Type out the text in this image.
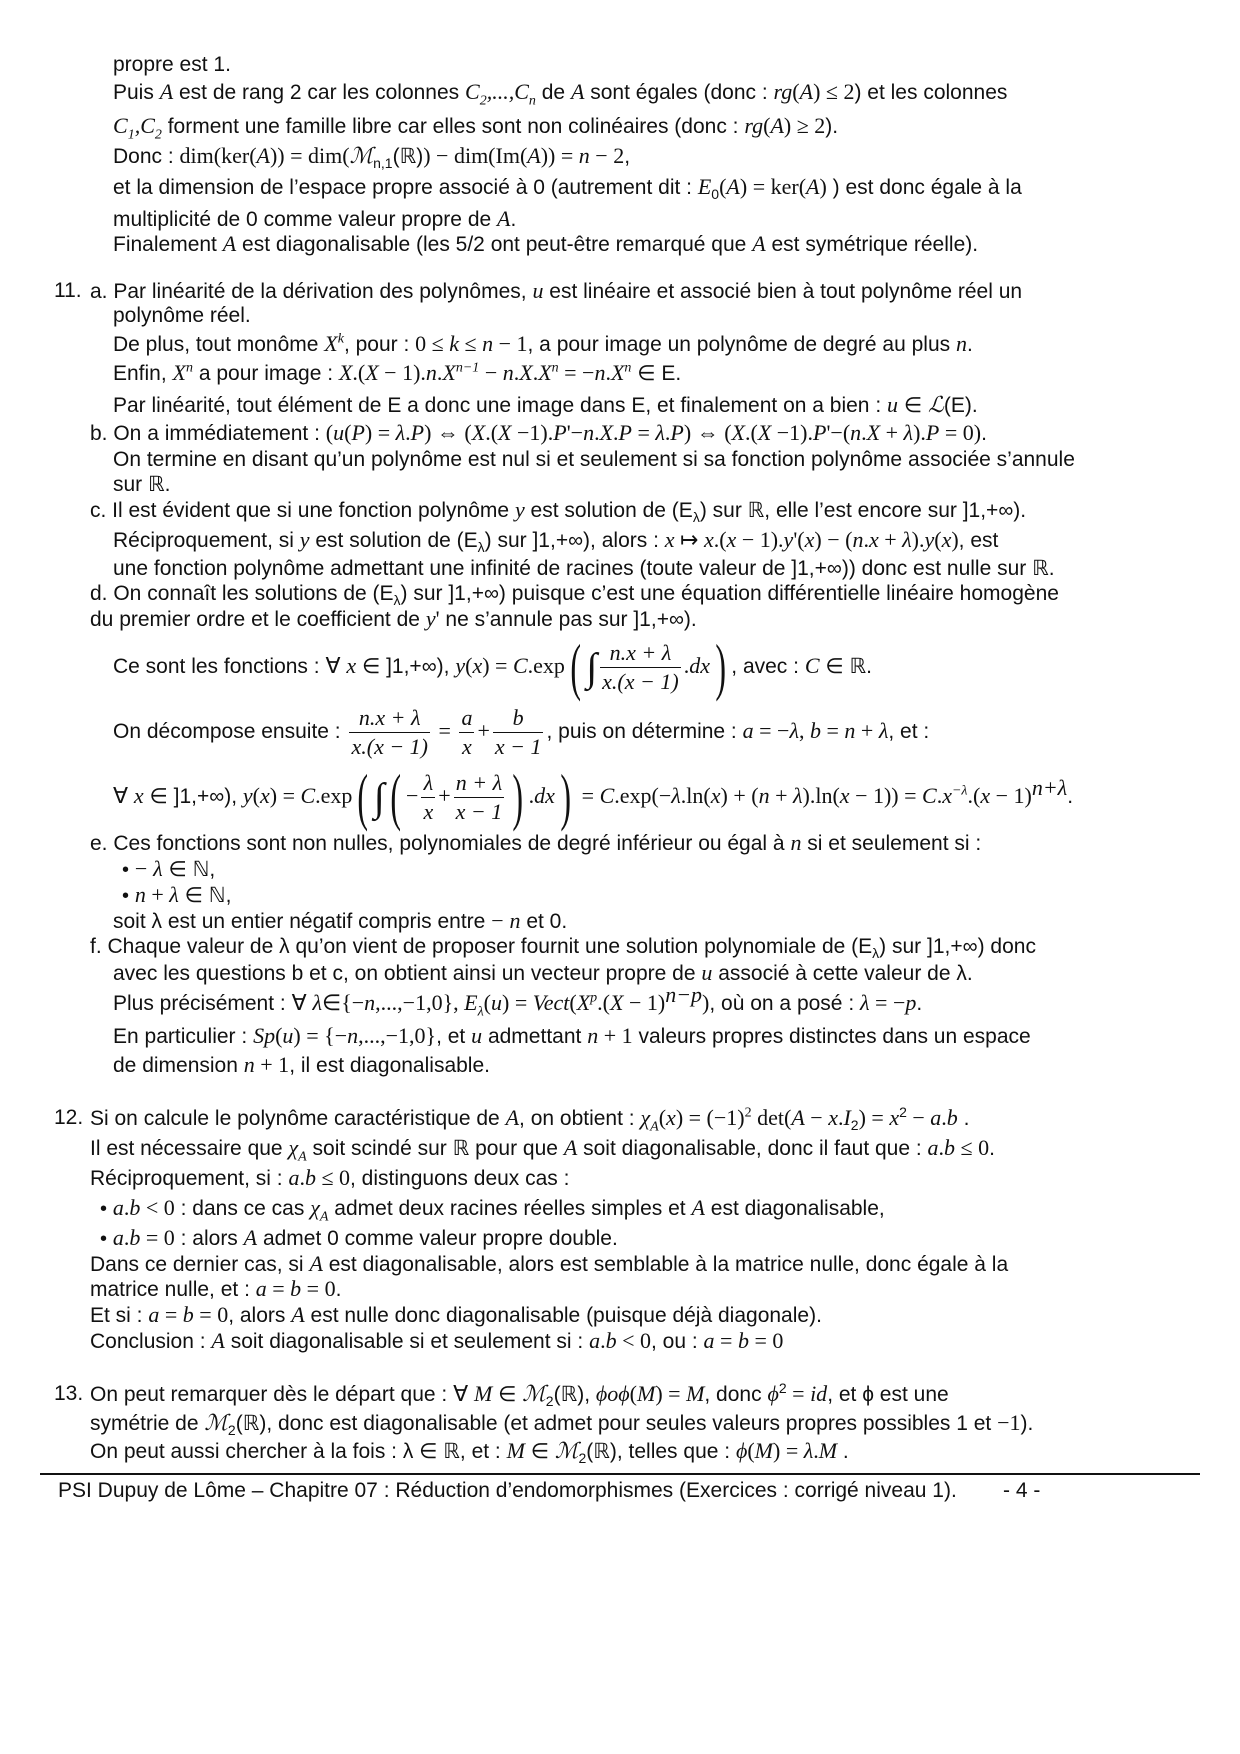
propre est 1.
Puis A est de rang 2 car les colonnes $C_2,...,C_n$ de A sont égales (donc : rg(A) ≤ 2) et les colonnes
$C_1,C_2$ forment une famille libre car elles sont non colinéaires (donc : rg(A) ≥ 2).
Donc : dim(ker(A)) = dim(ℳ$_{n,1}$(ℝ)) − dim(Im(A)) = n − 2,
et la dimension de l’espace propre associé à 0 (autrement dit : $E_0(A) = ker(A)$ ) est donc égale à la
multiplicité de 0 comme valeur propre de A.
Finalement A est diagonalisable (les 5/2 ont peut-être remarqué que A est symétrique réelle).
11. a. Par linéarité de la dérivation des polynômes, u est linéaire et associé bien à tout polynôme réel un
polynôme réel.
De plus, tout monôme $X^k$, pour : 0 ≤ k ≤ n − 1, a pour image un polynôme de degré au plus n.
Enfin, $X^n$ a pour image : $X.(X - 1).n.X^{n-1} - n.X.X^n = -n.X^n$ ∈ E.
Par linéarité, tout élément de E a donc une image dans E, et finalement on a bien : u ∈ ℒ(E).
b. On a immédiatement : (u(P) = λ.P) ⇔ (X.(X −1).P'−n.X.P = λ.P) ⇔ (X.(X −1).P'−(n.X + λ).P = 0).
On termine en disant qu’un polynôme est nul si et seulement si sa fonction polynôme associée s’annule
sur ℝ.
c. Il est évident que si une fonction polynôme y est solution de $(E_\lambda)$ sur ℝ, elle l’est encore sur ]1,+∞).
Réciproquement, si y est solution de $(E_\lambda)$ sur ]1,+∞), alors : x ↦ x.(x − 1).y'(x) − (n.x + λ).y(x), est
une fonction polynôme admettant une infinité de racines (toute valeur de ]1,+∞)) donc est nulle sur ℝ.
d. On connaît les solutions de $(E_\lambda)$ sur ]1,+∞) puisque c’est une équation différentielle linéaire homogène
du premier ordre et le coefficient de y' ne s’annule pas sur ]1,+∞).
Ce sont les fonctions : ∀ x ∈ ]1,+∞), y(x) = C.exp( ∫ $\frac{n.x + \lambda}{x.(x - 1)} .dx$) , avec : C ∈ ℝ.
On décompose ensuite : $\frac{n.x + \lambda}{x.(x - 1)} = \frac{a}{x} + \frac{b}{x - 1}$ , puis on détermine : a = −λ, b = n + λ, et :
∀ x ∈ ]1,+∞), y(x) = C.exp( ∫( − $\frac{\lambda}{x} + \frac{n + \lambda}{x - 1}$ ) $.dx) = C.\exp(-\lambda.\ln(x) + (n + \lambda).\ln(x - 1)) = C.x^{-\lambda}.(x - 1)^{n+\lambda}$.
e. Ces fonctions sont non nulles, polynomiales de degré inférieur ou égal à n si et seulement si :
• − λ ∈ ℕ,
• n + λ ∈ ℕ,
soit λ est un entier négatif compris entre − n et 0.
f. Chaque valeur de λ qu’on vient de proposer fournit une solution polynomiale de $(E_\lambda)$ sur ]1,+∞) donc
avec les questions b et c, on obtient ainsi un vecteur propre de u associé à cette valeur de λ.
Plus précisément : ∀ λ∈{−n,...,−1,0}, $E_\lambda(u)$ = $Vect(X^p.(X - 1)^{n-p})$, où on a posé : λ = −p.
En particulier : Sp(u) = {−n,...,−1,0}, et u admettant n + 1 valeurs propres distinctes dans un espace
de dimension n + 1, il est diagonalisable.
12. Si on calcule le polynôme caractéristique de A, on obtient : $\chi_A(x) = (-1)^2$ $\det(A - x.I_2) = x^2 - a.b$ .
Il est nécessaire que $\chi_A$ soit scindé sur ℝ pour que A soit diagonalisable, donc il faut que : a.b ≤ 0.
Réciproquement, si : a.b ≤ 0, distinguons deux cas :
• a.b < 0 : dans ce cas $\chi_A$ admet deux racines réelles simples et A est diagonalisable,
• a.b = 0 : alors A admet 0 comme valeur propre double.
Dans ce dernier cas, si A est diagonalisable, alors est semblable à la matrice nulle, donc égale à la
matrice nulle, et : a = b = 0.
Et si : a = b = 0, alors A est nulle donc diagonalisable (puisque déjà diagonale).
Conclusion : A soit diagonalisable si et seulement si : a.b < 0, ou : a = b = 0
13. On peut remarquer dès le départ que : ∀ M ∈ ℳ$_2$(ℝ), ϕoϕ(M) = M, donc $\phi^2$ = id, et ϕ est une
symétrie de ℳ$_2$(ℝ), donc est diagonalisable (et admet pour seules valeurs propres possibles 1 et −1).
On peut aussi chercher à la fois : λ ∈ ℝ, et : M ∈ ℳ$_2$(ℝ), telles que : ϕ(M) = λ.M .
PSI Dupuy de Lôme – Chapitre 07 : Réduction d’endomorphismes (Exercices : corrigé niveau 1). - 4 -
